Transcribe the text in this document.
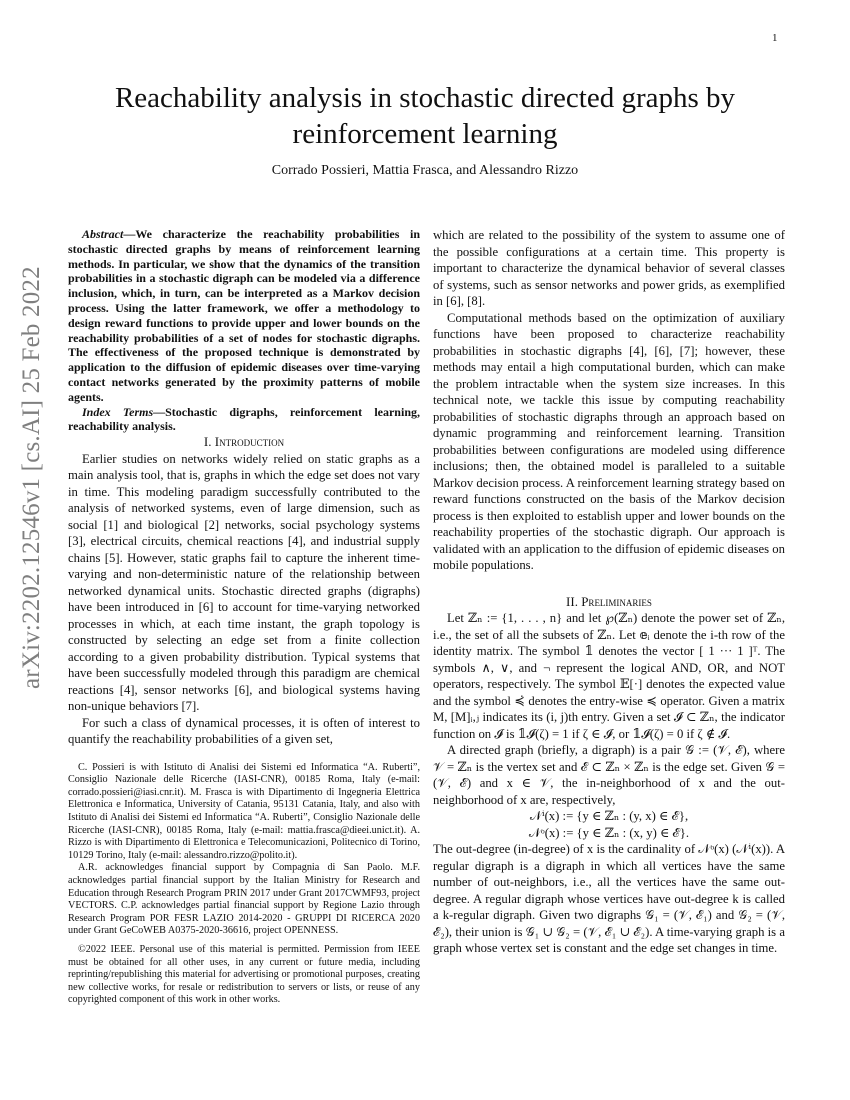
1
Reachability analysis in stochastic directed graphs by reinforcement learning
Corrado Possieri, Mattia Frasca, and Alessandro Rizzo
arXiv:2202.12546v1 [cs.AI] 25 Feb 2022

Abstract—We characterize the reachability probabilities in stochastic directed graphs by means of reinforcement learning methods. In particular, we show that the dynamics of the transition probabilities in a stochastic digraph can be modeled via a difference inclusion, which, in turn, can be interpreted as a Markov decision process. Using the latter framework, we offer a methodology to design reward functions to provide upper and lower bounds on the reachability probabilities of a set of nodes for stochastic digraphs. The effectiveness of the proposed technique is demonstrated by application to the diffusion of epidemic diseases over time-varying contact networks generated by the proximity patterns of mobile agents.

Index Terms—Stochastic digraphs, reinforcement learning, reachability analysis.

I. Introduction

Earlier studies on networks widely relied on static graphs as a main analysis tool, that is, graphs in which the edge set does not vary in time. This modeling paradigm successfully contributed to the analysis of networked systems, even of large dimension, such as social [1] and biological [2] networks, social psychology systems [3], electrical circuits, chemical reactions [4], and industrial supply chains [5]. However, static graphs fail to capture the inherent time-varying and non-deterministic nature of the relationship between networked dynamical units. Stochastic directed graphs (digraphs) have been introduced in [6] to account for time-varying networked processes in which, at each time instant, the graph topology is constructed by selecting an edge set from a finite collection according to a given probability distribution. Typical systems that have been successfully modeled through this paradigm are chemical reactions [4], sensor networks [6], and biological systems having non-unique behaviors [7].

For such a class of dynamical processes, it is often of interest to quantify the reachability probabilities of a given set,

C. Possieri is with Istituto di Analisi dei Sistemi ed Informatica “A. Ruberti”, Consiglio Nazionale delle Ricerche (IASI-CNR), 00185 Roma, Italy (e-mail: corrado.possieri@iasi.cnr.it). M. Frasca is with Dipartimento di Ingegneria Elettrica Elettronica e Informatica, University of Catania, 95131 Catania, Italy, and also with Istituto di Analisi dei Sistemi ed Informatica “A. Ruberti”, Consiglio Nazionale delle Ricerche (IASI-CNR), 00185 Roma, Italy (e-mail: mattia.frasca@dieei.unict.it). A. Rizzo is with Dipartimento di Elettronica e Telecomunicazioni, Politecnico di Torino, 10129 Torino, Italy (e-mail: alessandro.rizzo@polito.it).

A.R. acknowledges financial support by Compagnia di San Paolo. M.F. acknowledges partial financial support by the Italian Ministry for Research and Education through Research Program PRIN 2017 under Grant 2017CWMF93, project VECTORS. C.P. acknowledges partial financial support by Regione Lazio through Research Program POR FESR LAZIO 2014-2020 - GRUPPI DI RICERCA 2020 under Grant GeCoWEB A0375-2020-36616, project OPENNESS.

©2022 IEEE. Personal use of this material is permitted. Permission from IEEE must be obtained for all other uses, in any current or future media, including reprinting/republishing this material for advertising or promotional purposes, creating new collective works, for resale or redistribution to servers or lists, or reuse of any copyrighted component of this work in other works.

which are related to the possibility of the system to assume one of the possible configurations at a certain time. This property is important to characterize the dynamical behavior of several classes of systems, such as sensor networks and power grids, as exemplified in [6], [8].

Computational methods based on the optimization of auxiliary functions have been proposed to characterize reachability probabilities in stochastic digraphs [4], [6], [7]; however, these methods may entail a high computational burden, which can make the problem intractable when the system size increases. In this technical note, we tackle this issue by computing reachability probabilities of stochastic digraphs through an approach based on dynamic programming and reinforcement learning. Transition probabilities between configurations are modeled using difference inclusions; then, the obtained model is paralleled to a suitable Markov decision process. A reinforcement learning strategy based on reward functions constructed on the basis of the Markov decision process is then exploited to establish upper and lower bounds on the reachability properties of the stochastic digraph. Our approach is validated with an application to the diffusion of epidemic diseases on mobile populations.

II. Preliminaries

Let ℤₙ := {1, . . . , n} and let ℘(ℤₙ) denote the power set of ℤₙ, i.e., the set of all the subsets of ℤₙ. Let 𝕖ᵢ denote the i-th row of the identity matrix. The symbol 𝟙 denotes the vector [ 1 ··· 1 ]ᵀ. The symbols ∧, ∨, and ¬ represent the logical AND, OR, and NOT operators, respectively. The symbol 𝔼[·] denotes the expected value and the symbol ≼̇ denotes the entry-wise ≼ operator. Given a matrix M, [M]ᵢ,ⱼ indicates its (i, j)th entry. Given a set 𝓘 ⊂ ℤₙ, the indicator function on 𝓘 is 𝟙𝓘(ζ) = 1 if ζ ∈ 𝓘, or 𝟙𝓘(ζ) = 0 if ζ ∉ 𝓘.

A directed graph (briefly, a digraph) is a pair 𝒢 := (𝒱, ℰ), where 𝒱 = ℤₙ is the vertex set and ℰ ⊂ ℤₙ × ℤₙ is the edge set. Given 𝒢 = (𝒱, ℰ) and x ∈ 𝒱, the in-neighborhood of x and the out-neighborhood of x are, respectively,

𝒩ⁱ(x) := {y ∈ ℤₙ : (y, x) ∈ ℰ},

𝒩ᵒ(x) := {y ∈ ℤₙ : (x, y) ∈ ℰ}.

The out-degree (in-degree) of x is the cardinality of 𝒩ᵒ(x) (𝒩ⁱ(x)). A regular digraph is a digraph in which all vertices have the same number of out-neighbors, i.e., all the vertices have the same out-degree. A regular digraph whose vertices have out-degree k is called a k-regular digraph. Given two digraphs 𝒢₁ = (𝒱, ℰ₁) and 𝒢₂ = (𝒱, ℰ₂), their union is 𝒢₁ ∪ 𝒢₂ = (𝒱, ℰ₁ ∪ ℰ₂). A time-varying graph is a graph whose vertex set is constant and the edge set changes in time.
